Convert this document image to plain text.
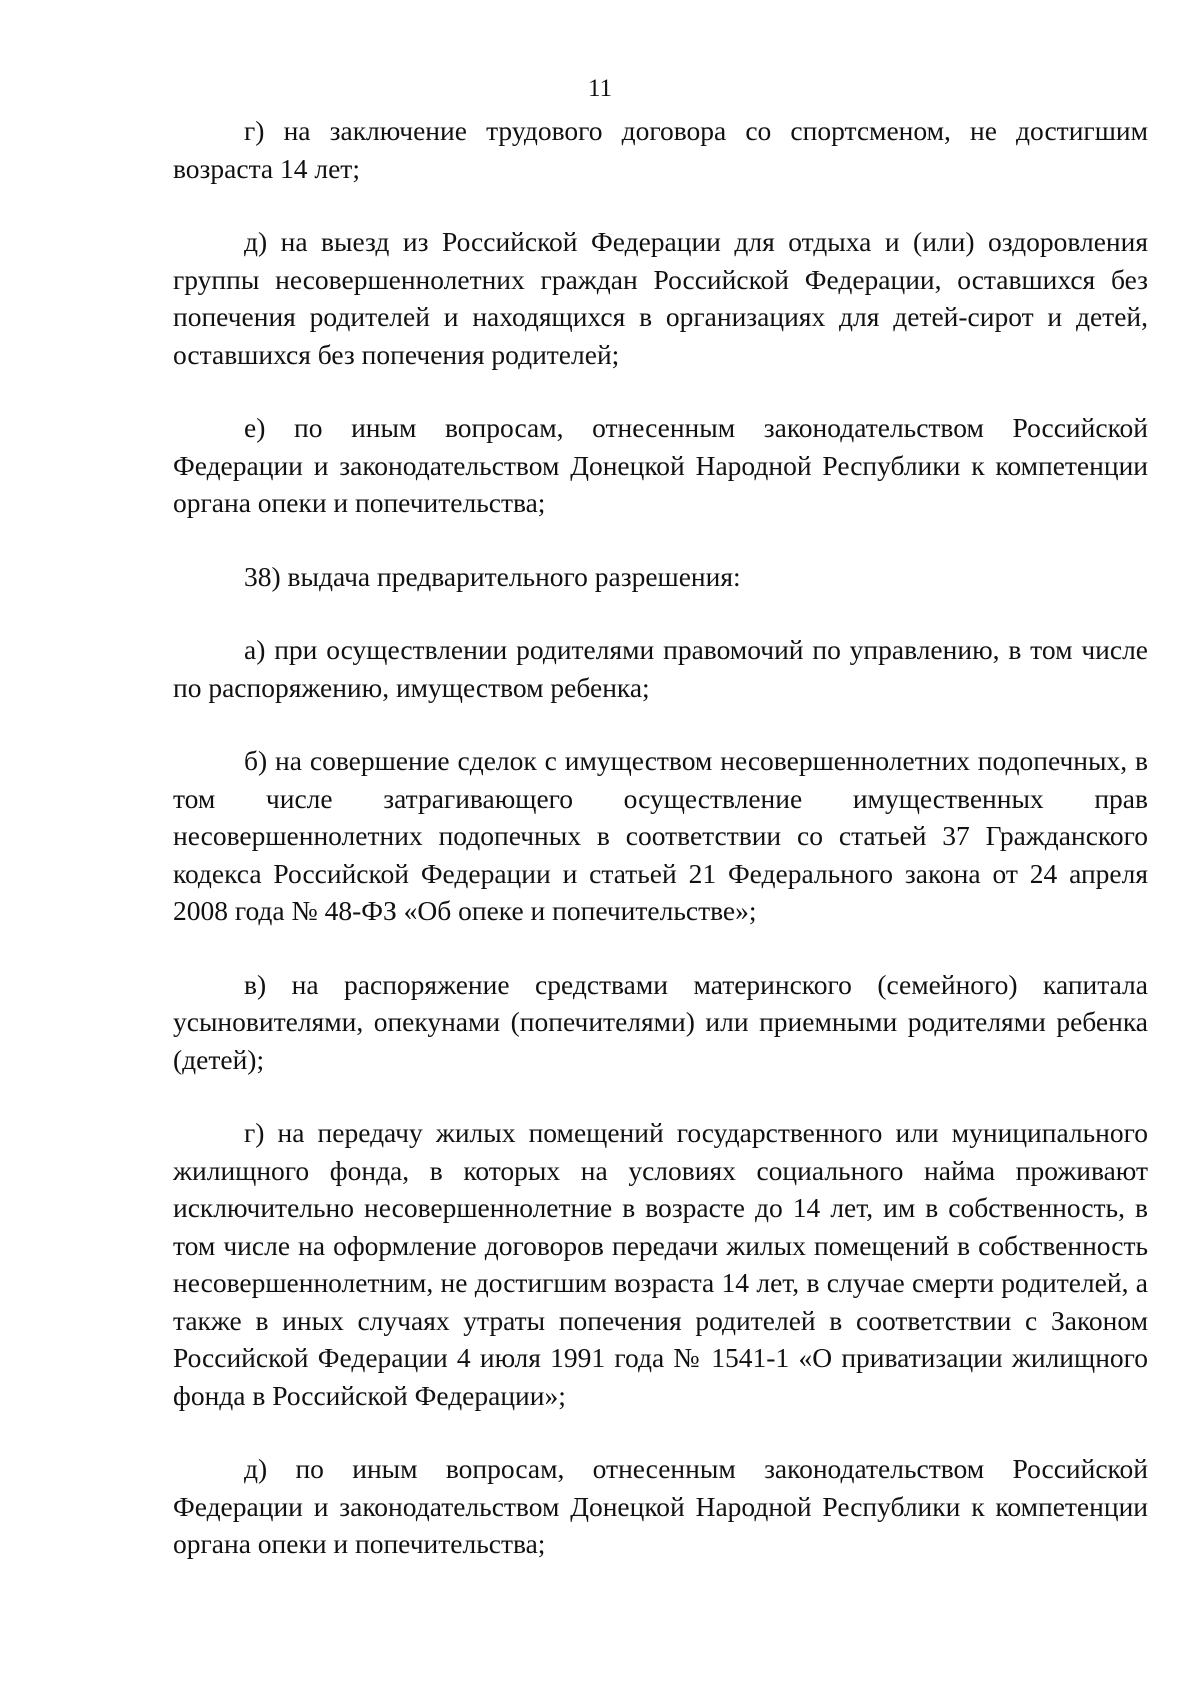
11

г) на заключение трудового договора со спортсменом, не достигшим возраста 14 лет;

д) на выезд из Российской Федерации для отдыха и (или) оздоровления группы несовершеннолетних граждан Российской Федерации, оставшихся без попечения родителей и находящихся в организациях для детей-сирот и детей, оставшихся без попечения родителей;

е) по иным вопросам, отнесенным законодательством Российской Федерации и законодательством Донецкой Народной Республики к компетенции органа опеки и попечительства;

38) выдача предварительного разрешения:

а) при осуществлении родителями правомочий по управлению, в том числе по распоряжению, имуществом ребенка;

б) на совершение сделок с имуществом несовершеннолетних подопечных, в том числе затрагивающего осуществление имущественных прав несовершеннолетних подопечных в соответствии со статьей 37 Гражданского кодекса Российской Федерации и статьей 21 Федерального закона от 24 апреля 2008 года № 48-ФЗ «Об опеке и попечительстве»;

в) на распоряжение средствами материнского (семейного) капитала усыновителями, опекунами (попечителями) или приемными родителями ребенка (детей);

г) на передачу жилых помещений государственного или муниципального жилищного фонда, в которых на условиях социального найма проживают исключительно несовершеннолетние в возрасте до 14 лет, им в собственность, в том числе на оформление договоров передачи жилых помещений в собственность несовершеннолетним, не достигшим возраста 14 лет, в случае смерти родителей, а также в иных случаях утраты попечения родителей в соответствии с Законом Российской Федерации 4 июля 1991 года № 1541-1 «О приватизации жилищного фонда в Российской Федерации»;

д) по иным вопросам, отнесенным законодательством Российской Федерации и законодательством Донецкой Народной Республики к компетенции органа опеки и попечительства;
